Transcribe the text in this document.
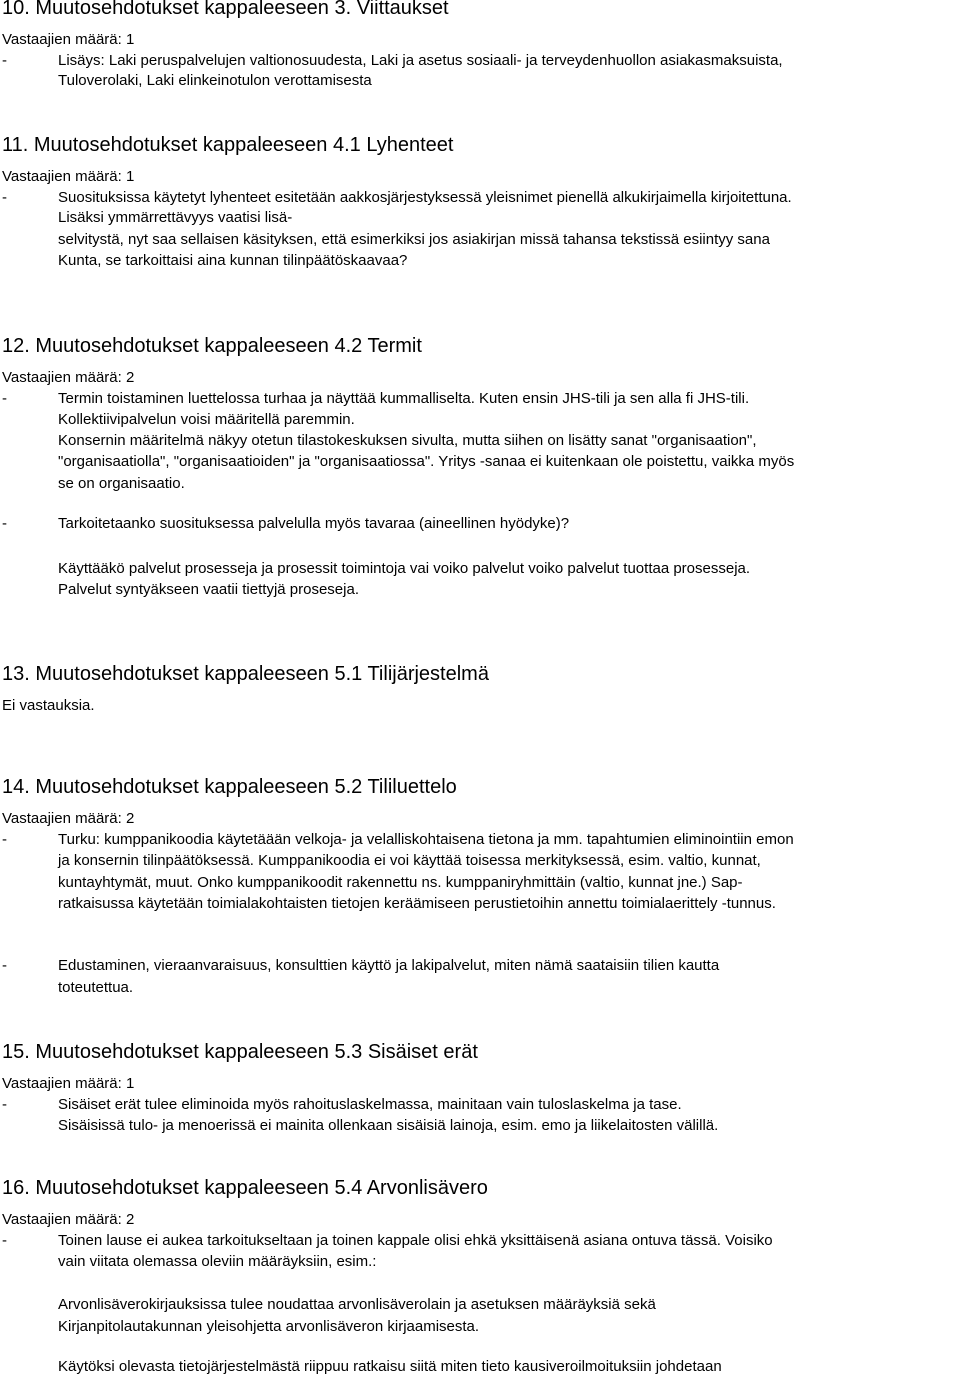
10. Muutosehdotukset kappaleeseen 3. Viittaukset
Vastaajien määrä: 1
-	Lisäys: Laki peruspalvelujen valtionosuudesta, Laki ja asetus sosiaali- ja terveydenhuollon asiakasmaksuista,
Tuloverolaki, Laki elinkeinotulon verottamisesta
11. Muutosehdotukset kappaleeseen 4.1 Lyhenteet
Vastaajien määrä: 1
-	Suosituksissa käytetyt lyhenteet esitetään aakkosjärjestyksessä yleisnimet pienellä alkukirjaimella kirjoitettuna.
Lisäksi ymmärrettävyys vaatisi lisä-
selvitystä, nyt saa sellaisen käsityksen, että esimerkiksi jos asiakirjan missä tahansa tekstissä esiintyy sana
Kunta, se tarkoittaisi aina kunnan tilinpäätöskaavaa?
12. Muutosehdotukset kappaleeseen 4.2 Termit
Vastaajien määrä: 2
-	Termin toistaminen luettelossa turhaa ja näyttää kummalliselta. Kuten ensin JHS-tili ja sen alla fi JHS-tili.
Kollektiivipalvelun voisi määritellä paremmin.
Konsernin määritelmä näkyy otetun tilastokeskuksen sivulta, mutta siihen on lisätty sanat "organisaation",
"organisaatiolla", "organisaatioiden" ja "organisaatiossa". Yritys -sanaa ei kuitenkaan ole poistettu, vaikka myös
se on organisaatio.
-	Tarkoitetaanko suosituksessa palvelulla myös tavaraa (aineellinen hyödyke)?
Käyttääkö palvelut prosesseja ja prosessit toimintoja vai voiko palvelut voiko palvelut tuottaa prosesseja.
Palvelut syntyäkseen vaatii tiettyjä proseseja.
13. Muutosehdotukset kappaleeseen 5.1 Tilijärjestelmä
Ei vastauksia.
14. Muutosehdotukset kappaleeseen 5.2 Tililuettelo
Vastaajien määrä: 2
-	Turku: kumppanikoodia käytetäään velkoja- ja velalliskohtaisena tietona ja mm. tapahtumien eliminointiin emon
ja konsernin tilinpäätöksessä. Kumppanikoodia ei voi käyttää toisessa merkityksessä, esim. valtio, kunnat,
kuntayhtymät, muut. Onko kumppanikoodit rakennettu ns. kumppaniryhmittäin (valtio, kunnat jne.) Sap-
ratkaisussa käytetään toimialakohtaisten tietojen keräämiseen perustietoihin annettu toimialaerittely -tunnus.
-	Edustaminen, vieraanvaraisuus, konsulttien käyttö ja lakipalvelut, miten nämä saataisiin tilien kautta
toteutettua.
15. Muutosehdotukset kappaleeseen 5.3 Sisäiset erät
Vastaajien määrä: 1
-	Sisäiset erät tulee eliminoida myös rahoituslaskelmassa, mainitaan vain tuloslaskelma ja tase.
Sisäisissä tulo- ja menoerissä ei mainita ollenkaan sisäisiä lainoja, esim. emo ja liikelaitosten välillä.
16. Muutosehdotukset kappaleeseen 5.4 Arvonlisävero
Vastaajien määrä: 2
-	Toinen lause ei aukea tarkoitukseltaan ja toinen kappale olisi ehkä yksittäisenä asiana ontuva tässä. Voisiko
vain viitata olemassa oleviin määräyksiin, esim.:
Arvonlisäverokirjauksissa tulee noudattaa arvonlisäverolain ja asetuksen määräyksiä sekä
Kirjanpitolautakunnan yleisohjetta arvonlisäveron kirjaamisesta.
Käytöksi olevasta tietojärjestelmästä riippuu ratkaisu siitä miten tieto kausiveroilmoituksiin johdetaan
